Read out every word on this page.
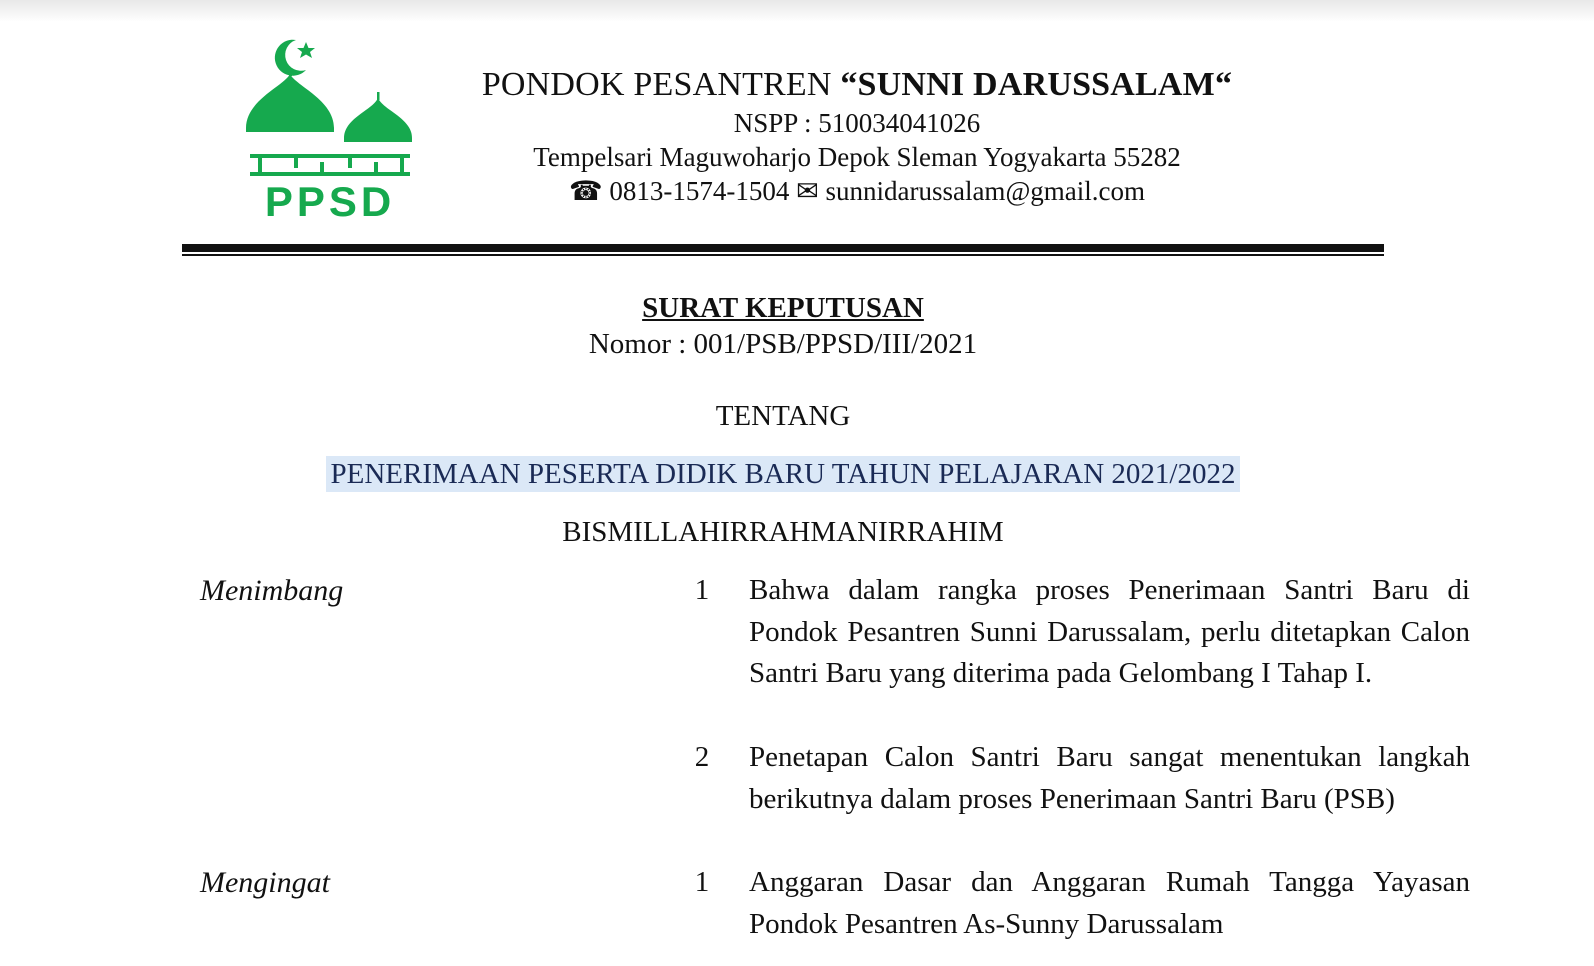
PPSD
PONDOK PESANTREN “SUNNI DARUSSALAM“
NSPP : 510034041026
Tempelsari Maguwoharjo Depok Sleman Yogyakarta 55282
☎ 0813-1574-1504 ✉ sunnidarussalam@gmail.com
SURAT KEPUTUSAN
Nomor : 001/PSB/PPSD/III/2021
TENTANG
PENERIMAAN PESERTA DIDIK BARU TAHUN PELAJARAN 2021/2022
BISMILLAHIRRAHMANIRRAHIM
Menimbang	1 Bahwa dalam rangka proses Penerimaan Santri Baru di Pondok Pesantren Sunni Darussalam, perlu ditetapkan Calon Santri Baru yang diterima pada Gelombang I Tahap I.
2 Penetapan Calon Santri Baru sangat menentukan langkah berikutnya dalam proses Penerimaan Santri Baru (PSB)
Mengingat	1 Anggaran Dasar dan Anggaran Rumah Tangga Yayasan Pondok Pesantren As-Sunny Darussalam
